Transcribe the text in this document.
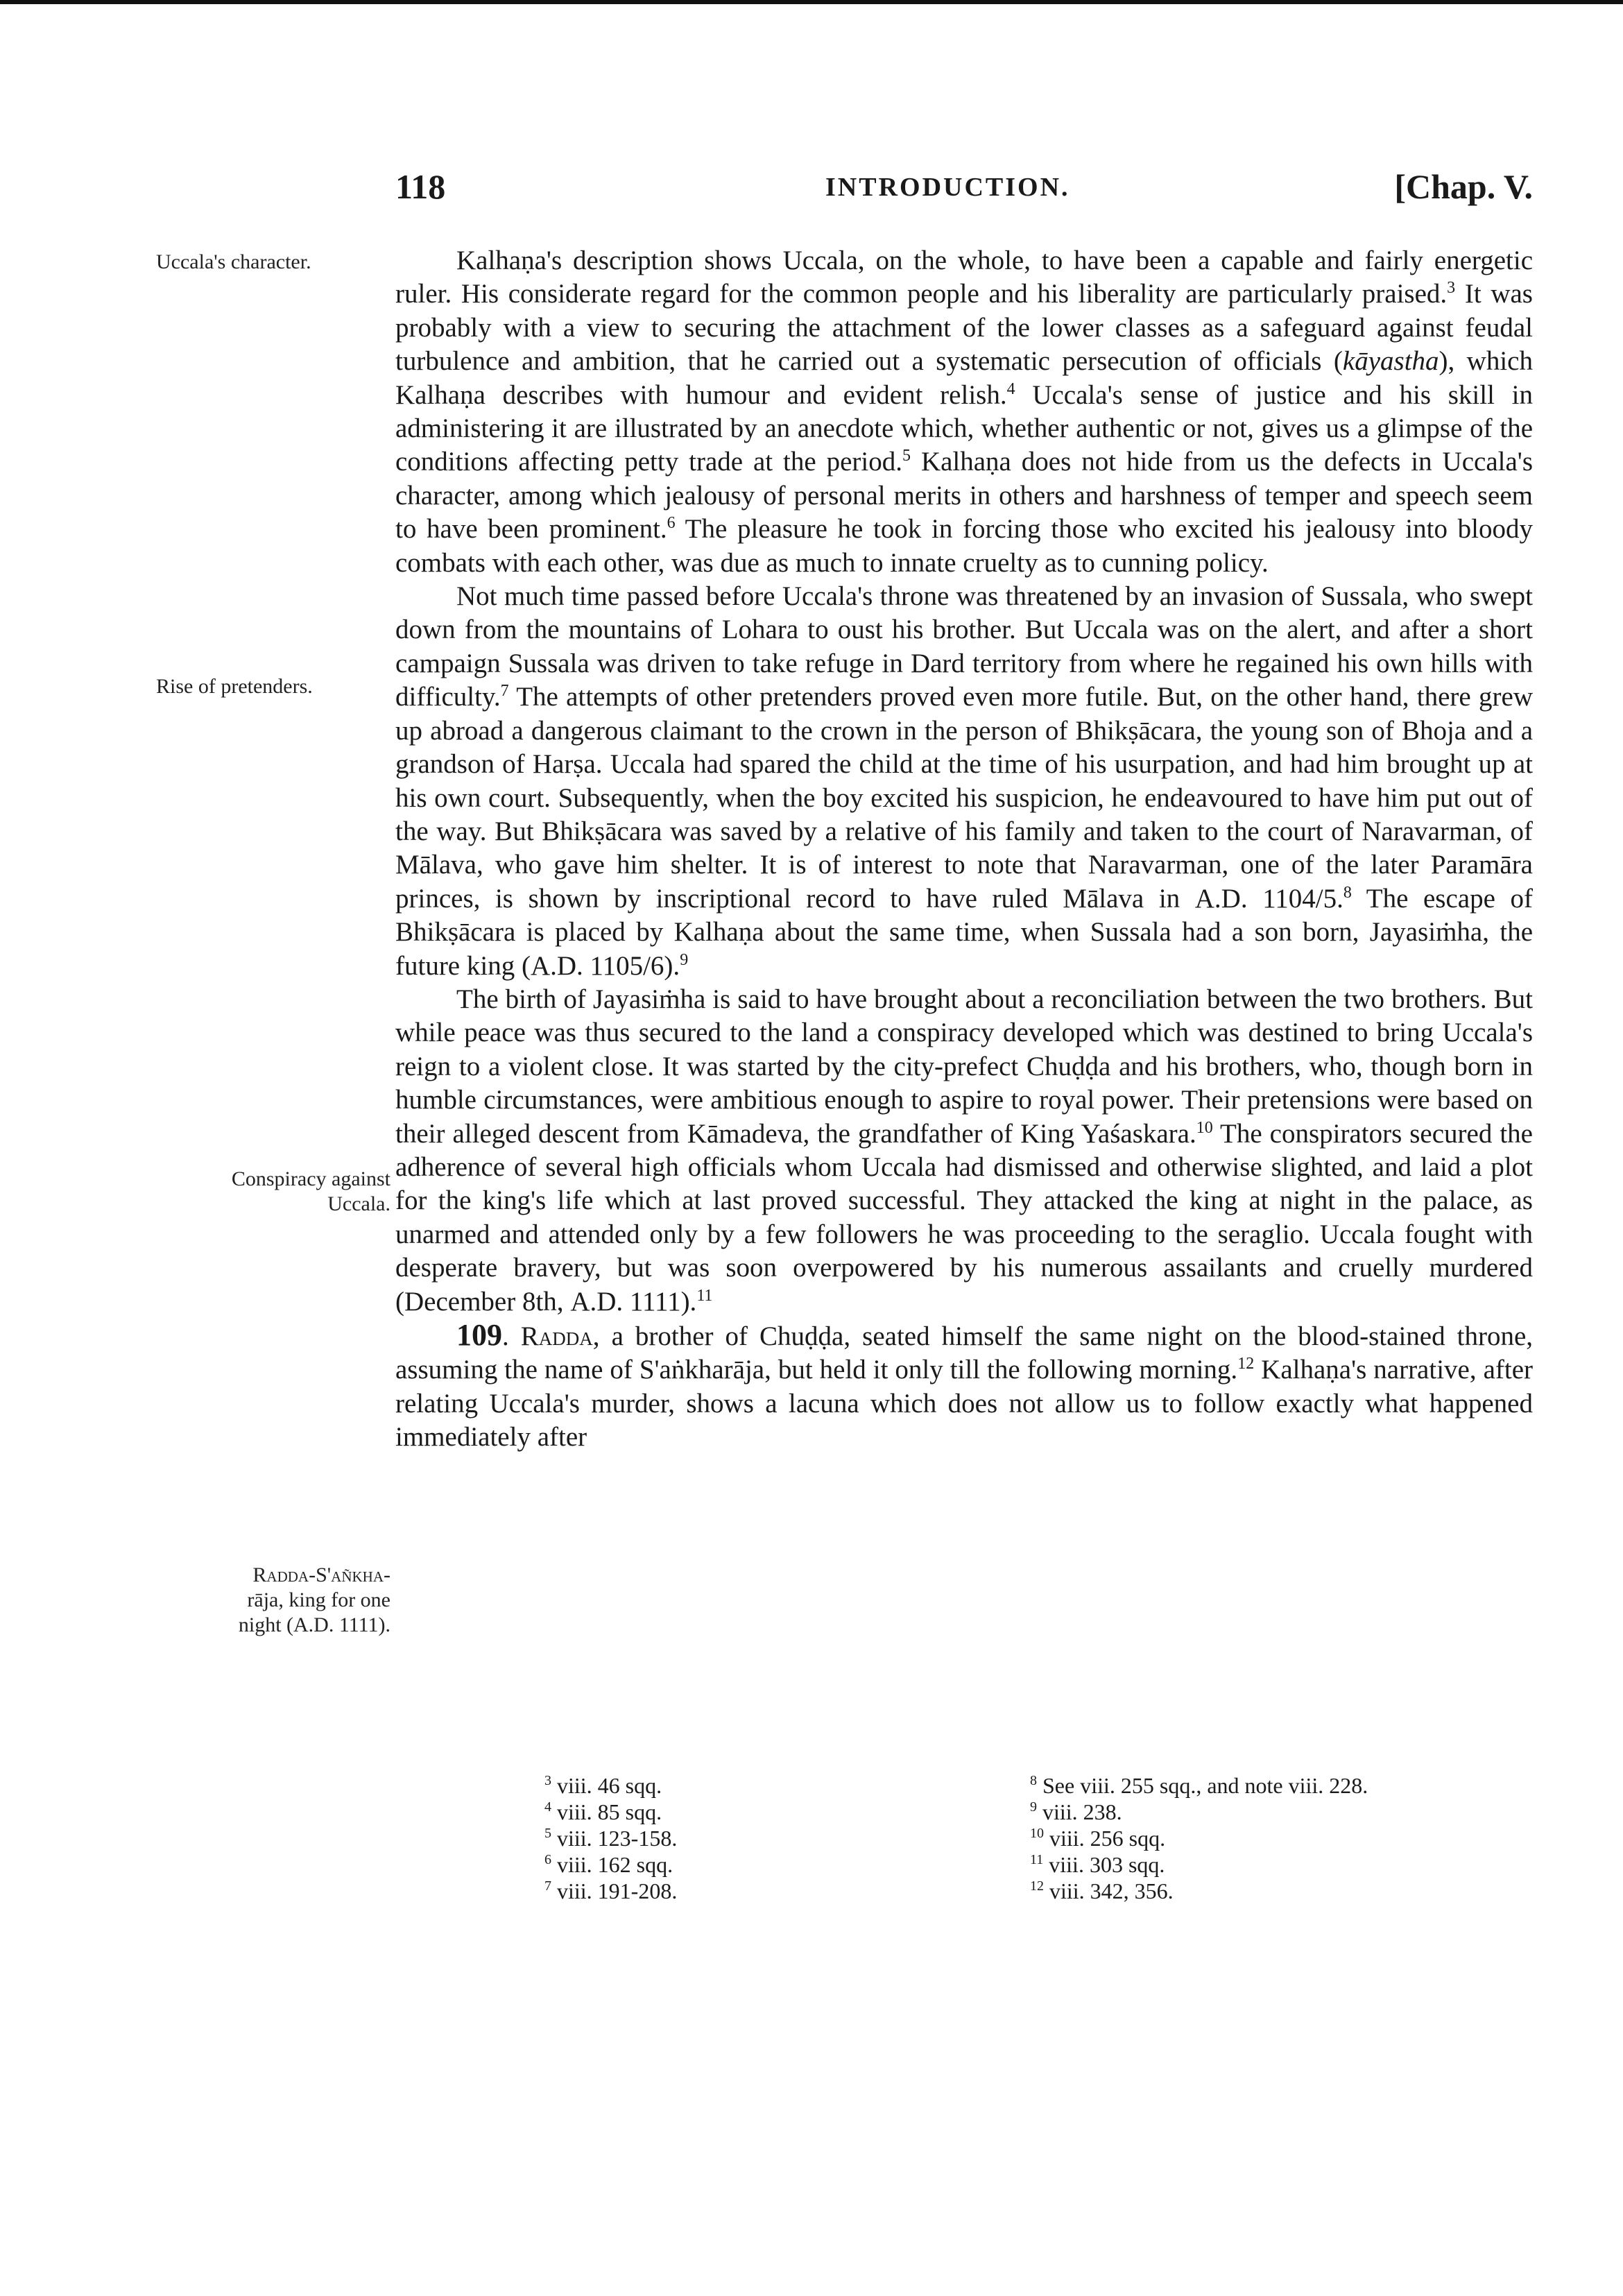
118	INTRODUCTION.	[Chap. V.
Uccala's character.
Rise of pretenders.
Conspiracy against
Uccala.
Radda-S'añkha-
rāja, king for one
night (A.D. 1111).

Kalhaṇa's description shows Uccala, on the whole, to have been a capable and fairly energetic ruler. His considerate regard for the common people and his liberality are particularly praised.$^3$ It was probably with a view to securing the attachment of the lower classes as a safeguard against feudal turbulence and ambition, that he carried out a systematic persecution of officials (kāyastha), which Kalhaṇa describes with humour and evident relish.$^4$ Uccala's sense of justice and his skill in administering it are illustrated by an anecdote which, whether authentic or not, gives us a glimpse of the conditions affecting petty trade at the period.$^5$ Kalhaṇa does not hide from us the defects in Uccala's character, among which jealousy of personal merits in others and harshness of temper and speech seem to have been prominent.$^6$ The pleasure he took in forcing those who excited his jealousy into bloody combats with each other, was due as much to innate cruelty as to cunning policy.

Not much time passed before Uccala's throne was threatened by an invasion of Sussala, who swept down from the mountains of Lohara to oust his brother. But Uccala was on the alert, and after a short campaign Sussala was driven to take refuge in Dard territory from where he regained his own hills with difficulty.$^7$ The attempts of other pretenders proved even more futile. But, on the other hand, there grew up abroad a dangerous claimant to the crown in the person of Bhikṣācara, the young son of Bhoja and a grandson of Harṣa. Uccala had spared the child at the time of his usurpation, and had him brought up at his own court. Subsequently, when the boy excited his suspicion, he endeavoured to have him put out of the way. But Bhikṣācara was saved by a relative of his family and taken to the court of Naravarman, of Mālava, who gave him shelter. It is of interest to note that Naravarman, one of the later Paramāra princes, is shown by inscriptional record to have ruled Mālava in A.D. 1104/5.$^8$ The escape of Bhikṣācara is placed by Kalhaṇa about the same time, when Sussala had a son born, Jayasiṁha, the future king (A.D. 1105/6).$^9$

The birth of Jayasiṁha is said to have brought about a reconciliation between the two brothers. But while peace was thus secured to the land a conspiracy developed which was destined to bring Uccala's reign to a violent close. It was started by the city-prefect Chuḍḍa and his brothers, who, though born in humble circumstances, were ambitious enough to aspire to royal power. Their pretensions were based on their alleged descent from Kāmadeva, the grandfather of King Yaśaskara.$^{10}$ The conspirators secured the adherence of several high officials whom Uccala had dismissed and otherwise slighted, and laid a plot for the king's life which at last proved successful. They attacked the king at night in the palace, as unarmed and attended only by a few followers he was proceeding to the seraglio. Uccala fought with desperate bravery, but was soon overpowered by his numerous assailants and cruelly murdered (December 8th, A.D. 1111).$^{11}$

109. Radda, a brother of Chuḍḍa, seated himself the same night on the blood-stained throne, assuming the name of S'aṅkharāja, but held it only till the following morning.$^{12}$ Kalhaṇa's narrative, after relating Uccala's murder, shows a lacuna which does not allow us to follow exactly what happened immediately after

$^3$ viii. 46 sqq.
$^4$ viii. 85 sqq.
$^5$ viii. 123-158.
$^6$ viii. 162 sqq.
$^7$ viii. 191-208.
$^8$ See viii. 255 sqq., and note viii. 228.
$^9$ viii. 238.
$^{10}$ viii. 256 sqq.
$^{11}$ viii. 303 sqq.
$^{12}$ viii. 342, 356.
